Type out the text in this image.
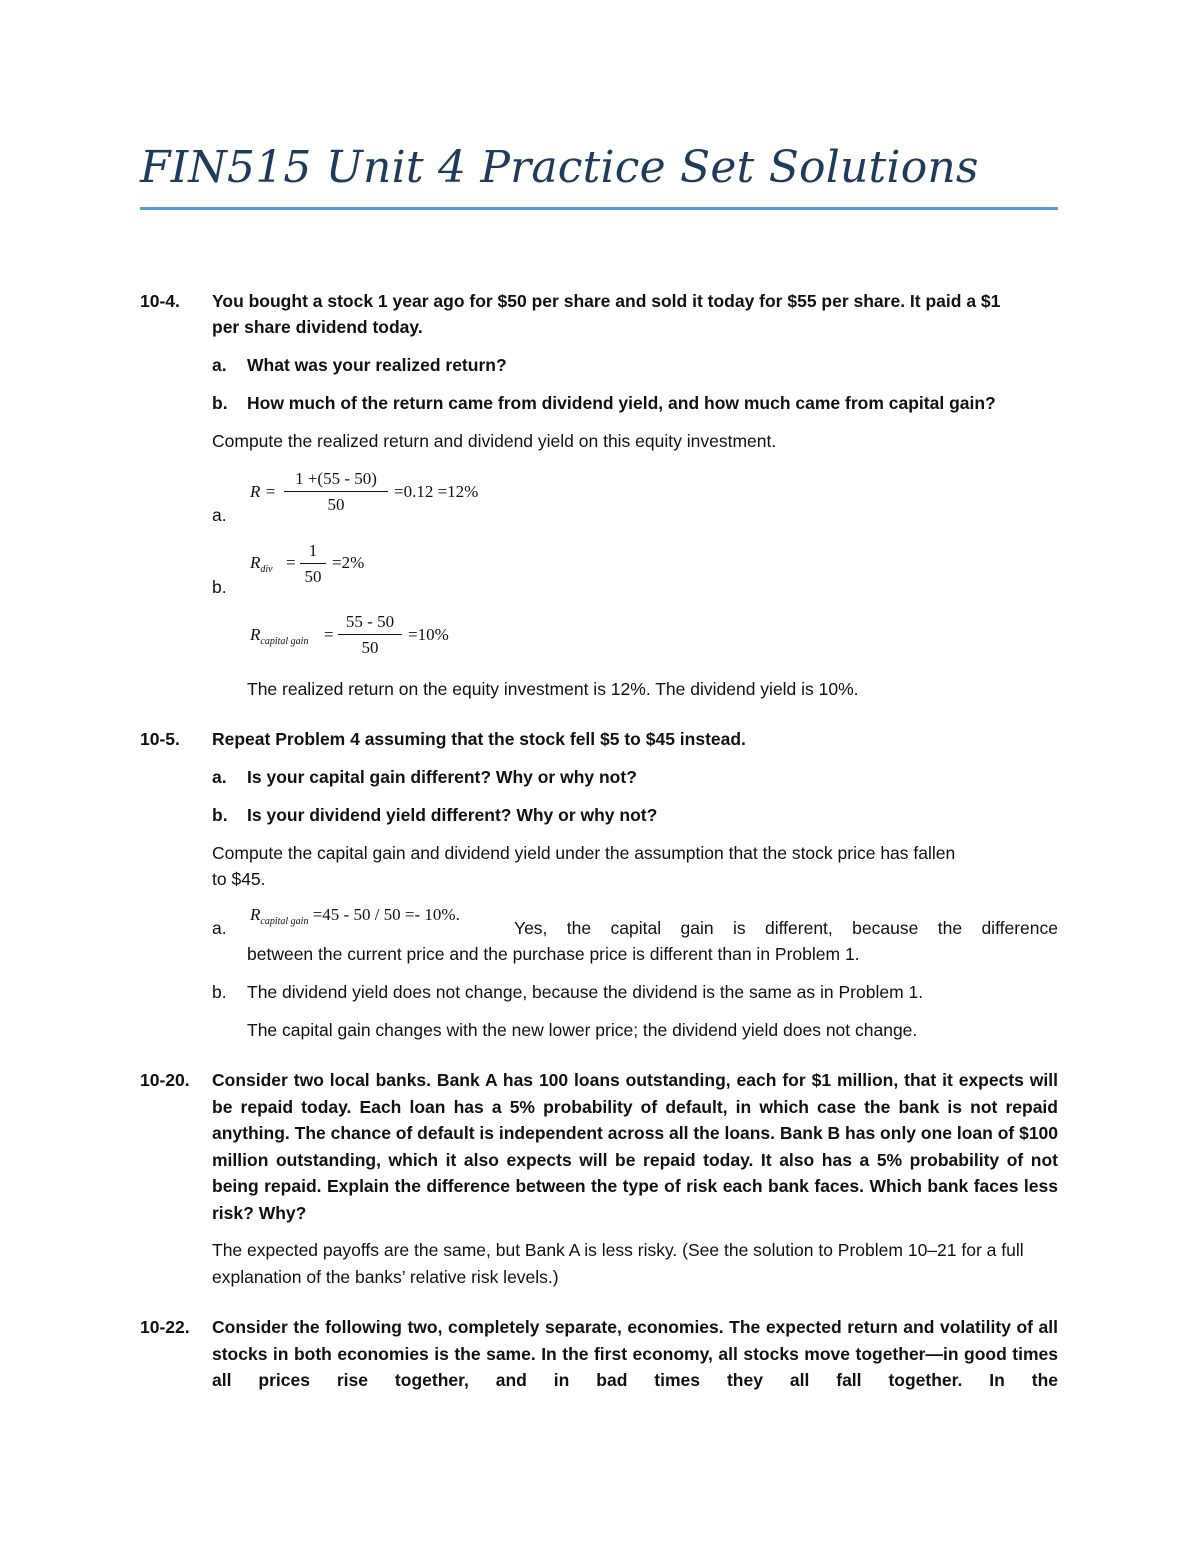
FIN515 Unit 4 Practice Set Solutions
10-4. You bought a stock 1 year ago for $50 per share and sold it today for $55 per share. It paid a $1
per share dividend today.
a. What was your realized return?
b. How much of the return came from dividend yield, and how much came from capital gain?
Compute the realized return and dividend yield on this equity investment.
a.
$R = \frac{1 +(55 - 50)}{50} =0.12 =12\%$
b.
$R_{div} = \frac{1}{50} =2\%$
$R_{capital gain} = \frac{55 - 50}{50} =10\%$
The realized return on the equity investment is 12%. The dividend yield is 10%.
10-5. Repeat Problem 4 assuming that the stock fell $5 to $45 instead.
a. Is your capital gain different? Why or why not?
b. Is your dividend yield different? Why or why not?
Compute the capital gain and dividend yield under the assumption that the stock price has fallen
to $45.
a.
$R_{capital gain} =45 - 50 / 50 =- 10\%$.
Yes, the capital gain is different, because the difference
between the current price and the purchase price is different than in Problem 1.
b. The dividend yield does not change, because the dividend is the same as in Problem 1.
The capital gain changes with the new lower price; the dividend yield does not change.
10-20. Consider two local banks. Bank A has 100 loans outstanding, each for $1 million, that it expects will be repaid today. Each loan has a 5% probability of default, in which case the bank is not repaid anything. The chance of default is independent across all the loans. Bank B has only one loan of $100 million outstanding, which it also expects will be repaid today. It also has a 5% probability of not being repaid. Explain the difference between the type of risk each bank faces. Which bank faces less risk? Why?
The expected payoffs are the same, but Bank A is less risky. (See the solution to Problem 10–21 for a full explanation of the banks’ relative risk levels.)
10-22. Consider the following two, completely separate, economies. The expected return and volatility of all stocks in both economies is the same. In the first economy, all stocks move together—in good times all prices rise together, and in bad times they all fall together. In the
